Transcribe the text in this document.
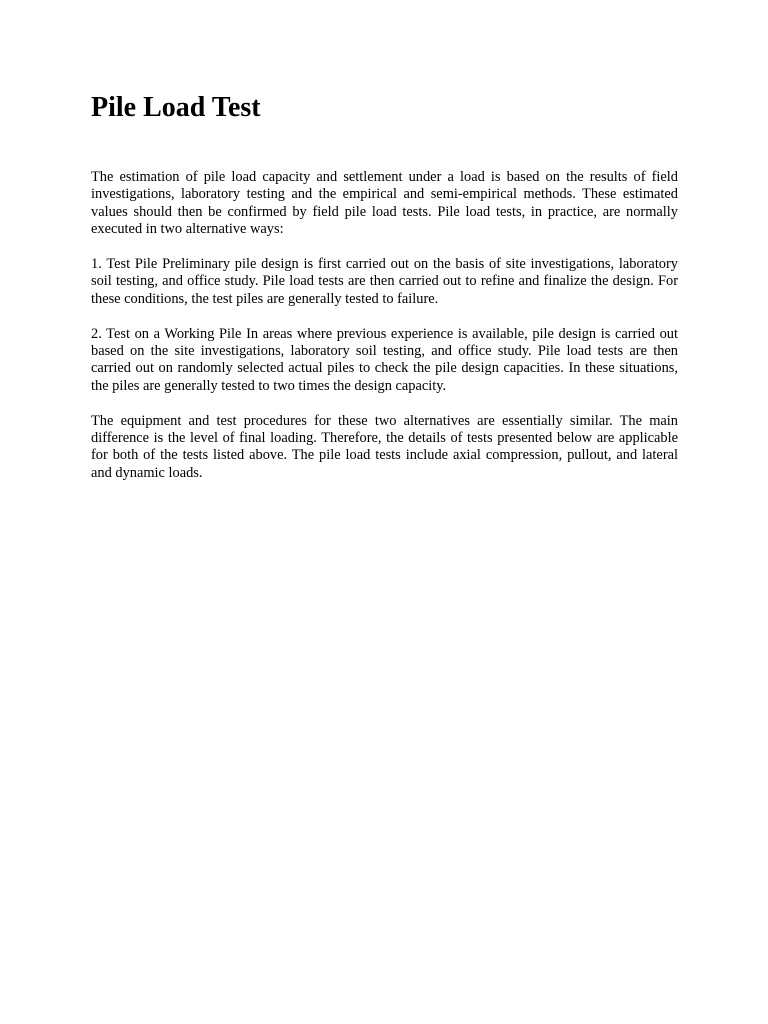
Pile Load Test

The estimation of pile load capacity and settlement under a load is based on the results of field investigations, laboratory testing and the empirical and semi-empirical methods. These estimated values should then be confirmed by field pile load tests. Pile load tests, in practice, are normally executed in two alternative ways:

1. Test Pile Preliminary pile design is first carried out on the basis of site investigations, laboratory soil testing, and office study. Pile load tests are then carried out to refine and finalize the design. For these conditions, the test piles are generally tested to failure.

2. Test on a Working Pile In areas where previous experience is available, pile design is carried out based on the site investigations, laboratory soil testing, and office study. Pile load tests are then carried out on randomly selected actual piles to check the pile design capacities. In these situations, the piles are generally tested to two times the design capacity.

The equipment and test procedures for these two alternatives are essentially similar. The main difference is the level of final loading. Therefore, the details of tests presented below are applicable for both of the tests listed above. The pile load tests include axial compression, pullout, and lateral and dynamic loads.
